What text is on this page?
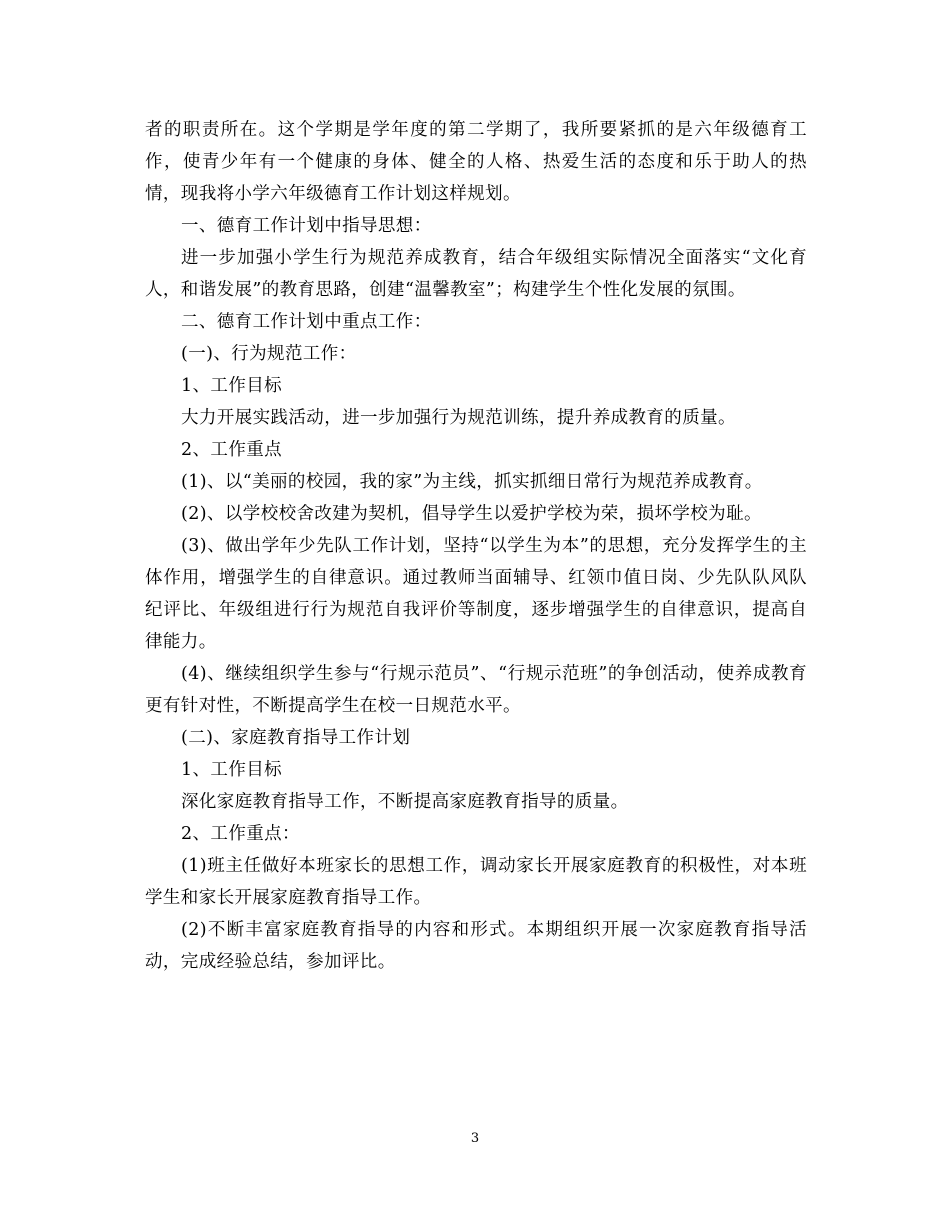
者的职责所在。这个学期是学年度的第二学期了，我所要紧抓的是六年级德育工作，使青少年有一个健康的身体、健全的人格、热爱生活的态度和乐于助人的热情，现我将小学六年级德育工作计划这样规划。

一、德育工作计划中指导思想：

进一步加强小学生行为规范养成教育，结合年级组实际情况全面落实“文化育人，和谐发展”的教育思路，创建“温馨教室”；构建学生个性化发展的氛围。

二、德育工作计划中重点工作：

(一)、行为规范工作：

1、工作目标

大力开展实践活动，进一步加强行为规范训练，提升养成教育的质量。

2、工作重点

(1)、以“美丽的校园，我的家”为主线，抓实抓细日常行为规范养成教育。

(2)、以学校校舍改建为契机，倡导学生以爱护学校为荣，损坏学校为耻。

(3)、做出学年少先队工作计划，坚持“以学生为本”的思想，充分发挥学生的主体作用，增强学生的自律意识。通过教师当面辅导、红领巾值日岗、少先队队风队纪评比、年级组进行行为规范自我评价等制度，逐步增强学生的自律意识，提高自律能力。

(4)、继续组织学生参与“行规示范员”、“行规示范班”的争创活动，使养成教育更有针对性，不断提高学生在校一日规范水平。

(二)、家庭教育指导工作计划

1、工作目标

深化家庭教育指导工作，不断提高家庭教育指导的质量。

2、工作重点：

(1)班主任做好本班家长的思想工作，调动家长开展家庭教育的积极性，对本班学生和家长开展家庭教育指导工作。

(2)不断丰富家庭教育指导的内容和形式。本期组织开展一次家庭教育指导活动，完成经验总结，参加评比。

3
